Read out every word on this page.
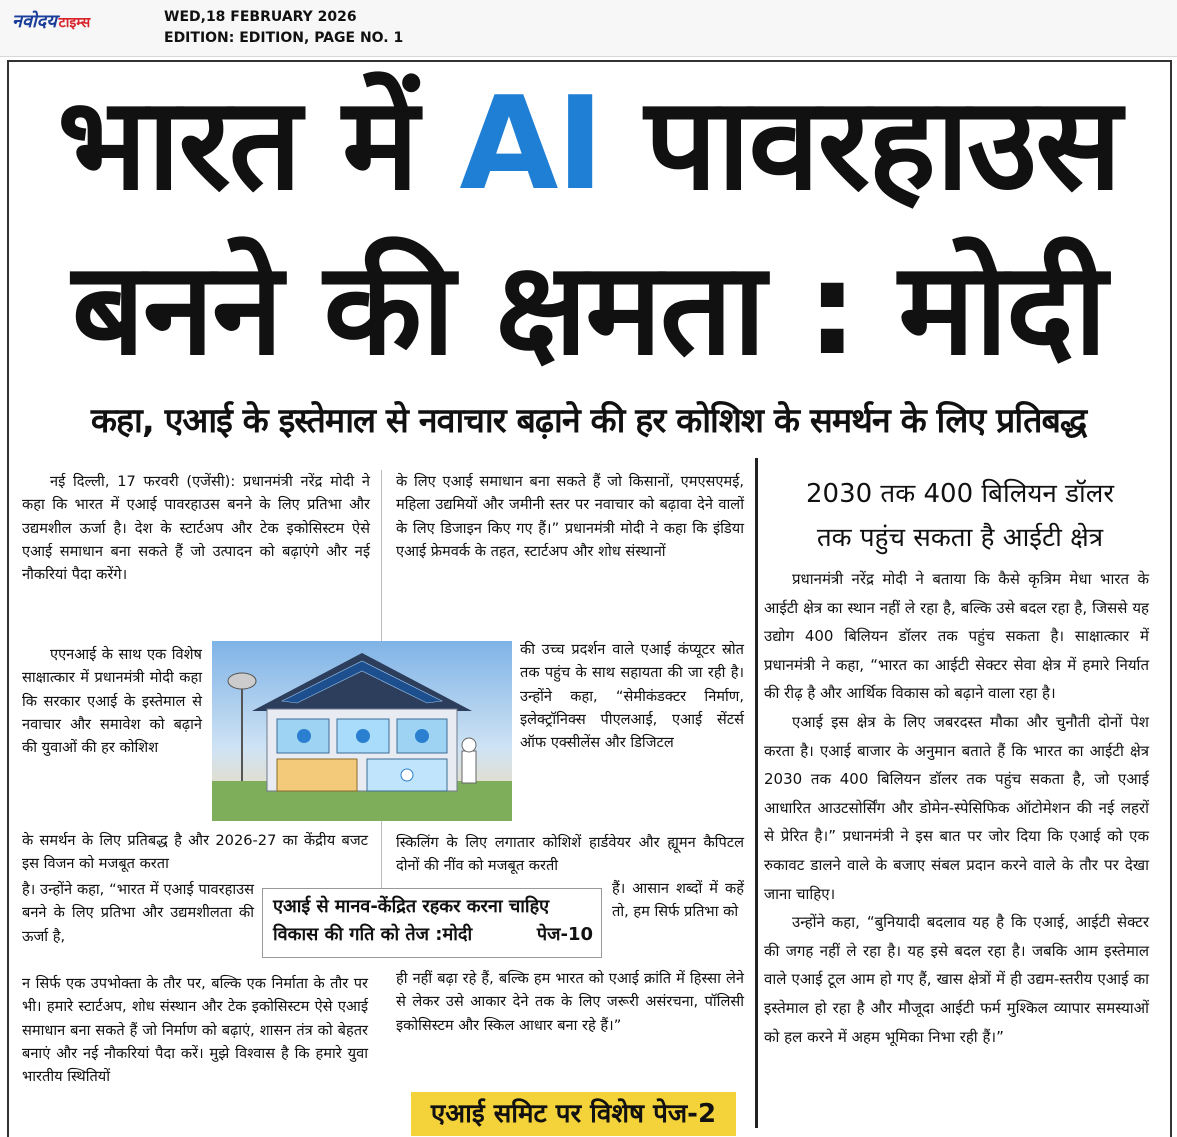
नवोदय टाइम्स	WED,18 FEBRUARY 2026
EDITION: EDITION, PAGE NO. 1
भारत में AI पावरहाउस
बनने की क्षमता : मोदी
कहा, एआई के इस्तेमाल से नवाचार बढ़ाने की हर कोशिश के समर्थन के लिए प्रतिबद्ध

नई दिल्ली, 17 फरवरी (एजेंसी): प्रधानमंत्री नरेंद्र मोदी ने कहा कि भारत में एआई पावरहाउस बनने के लिए प्रतिभा और उद्यमशील ऊर्जा है। देश के स्टार्टअप और टेक इकोसिस्टम ऐसे एआई समाधान बना सकते हैं जो उत्पादन को बढ़ाएंगे और नई नौकरियां पैदा करेंगे।

एएनआई के साथ एक विशेष साक्षात्कार में प्रधानमंत्री मोदी कहा कि सरकार एआई के इस्तेमाल से नवाचार और समावेश को बढ़ाने की युवाओं की हर कोशिश

के समर्थन के लिए प्रतिबद्ध है और 2026-27 का केंद्रीय बजट इस विजन को मजबूत करता
है। उन्होंने कहा, “भारत में एआई पावरहाउस बनने के लिए प्रतिभा और उद्यमशीलता की ऊर्जा है,
न सिर्फ एक उपभोक्ता के तौर पर, बल्कि एक निर्माता के तौर पर भी। हमारे स्टार्टअप, शोध संस्थान और टेक इकोसिस्टम ऐसे एआई समाधान बना सकते हैं जो निर्माण को बढ़ाएं, शासन तंत्र को बेहतर बनाएं और नई नौकरियां पैदा करें। मुझे विश्वास है कि हमारे युवा भारतीय स्थितियों
के लिए एआई समाधान बना सकते हैं जो किसानों, एमएसएमई, महिला उद्यमियों और जमीनी स्तर पर नवाचार को बढ़ावा देने वालों के लिए डिजाइन किए गए हैं।” प्रधानमंत्री मोदी ने कहा कि इंडिया एआई फ्रेमवर्क के तहत, स्टार्टअप और शोध संस्थानों
की उच्च प्रदर्शन वाले एआई कंप्यूटर स्रोत तक पहुंच के साथ सहायता की जा रही है। उन्होंने कहा, “सेमीकंडक्टर निर्माण, इलेक्ट्रॉनिक्स पीएलआई, एआई सेंटर्स ऑफ एक्सीलेंस और डिजिटल
स्किलिंग के लिए लगातार कोशिशें हार्डवेयर और ह्यूमन कैपिटल दोनों की नींव को मजबूत करती
हैं। आसान शब्दों में कहें तो, हम सिर्फ प्रतिभा को
ही नहीं बढ़ा रहे हैं, बल्कि हम भारत को एआई क्रांति में हिस्सा लेने से लेकर उसे आकार देने तक के लिए जरूरी असंरचना, पॉलिसी इकोसिस्टम और स्किल आधार बना रहे हैं।”
एआई से मानव-केंद्रित रहकर करना चाहिए
विकास की गति को तेज :मोदी	पेज-10
एआई समिट पर विशेष पेज-2
2030 तक 400 बिलियन डॉलर
तक पहुंच सकता है आईटी क्षेत्र

प्रधानमंत्री नरेंद्र मोदी ने बताया कि कैसे कृत्रिम मेधा भारत के आईटी क्षेत्र का स्थान नहीं ले रहा है, बल्कि उसे बदल रहा है, जिससे यह उद्योग 400 बिलियन डॉलर तक पहुंच सकता है। साक्षात्कार में प्रधानमंत्री ने कहा, “भारत का आईटी सेक्टर सेवा क्षेत्र में हमारे निर्यात की रीढ़ है और आर्थिक विकास को बढ़ाने वाला रहा है।

एआई इस क्षेत्र के लिए जबरदस्त मौका और चुनौती दोनों पेश करता है। एआई बाजार के अनुमान बताते हैं कि भारत का आईटी क्षेत्र 2030 तक 400 बिलियन डॉलर तक पहुंच सकता है, जो एआई आधारित आउटसोर्सिंग और डोमेन-स्पेसिफिक ऑटोमेशन की नई लहरों से प्रेरित है।” प्रधानमंत्री ने इस बात पर जोर दिया कि एआई को एक रुकावट डालने वाले के बजाए संबल प्रदान करने वाले के तौर पर देखा जाना चाहिए।

उन्होंने कहा, “बुनियादी बदलाव यह है कि एआई, आईटी सेक्टर की जगह नहीं ले रहा है। यह इसे बदल रहा है। जबकि आम इस्तेमाल वाले एआई टूल आम हो गए हैं, खास क्षेत्रों में ही उद्यम-स्तरीय एआई का इस्तेमाल हो रहा है और मौजूदा आईटी फर्म मुश्किल व्यापार समस्याओं को हल करने में अहम भूमिका निभा रही हैं।”
